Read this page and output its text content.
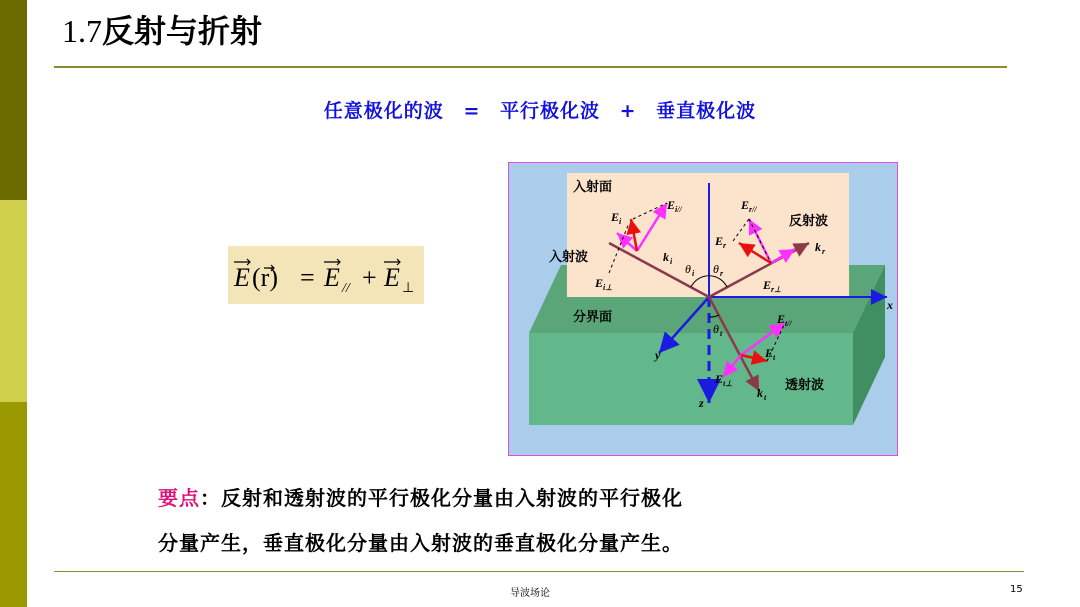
1.7反射与折射
任意极化的波 = 平行极化波 + 垂直极化波
E (r) = E // + E ⊥
入射面
入射波
反射波
分界面
透射波
x
y
z
E i
E i//
E i⊥
k i
E r//
E r
E r⊥
k r
E t//
E t
E t⊥
k t
θ i θ r
θ t
要点：反射和透射波的平行极化分量由入射波的平行极化
分量产生，垂直极化分量由入射波的垂直极化分量产生。
导波场论	15
